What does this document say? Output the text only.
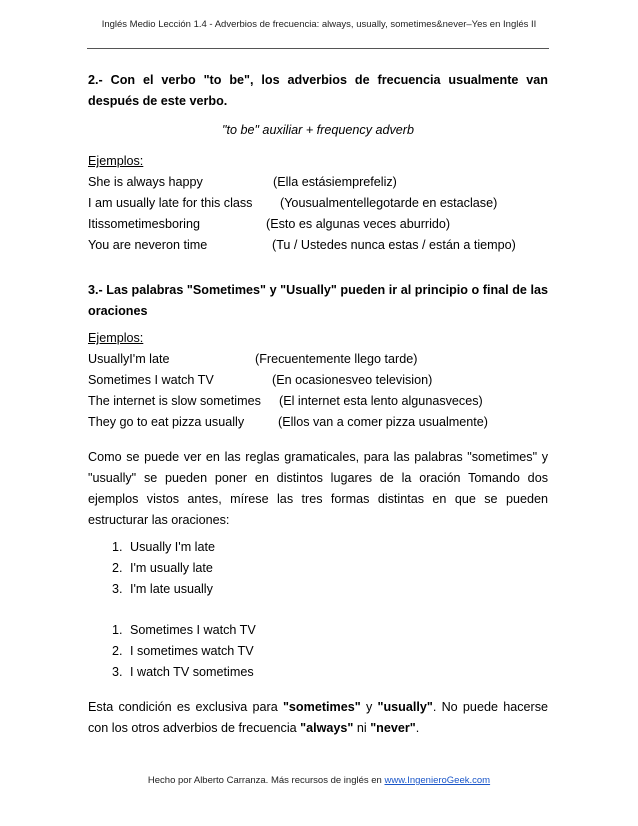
Inglés Medio Lección 1.4 - Adverbios de frecuencia: always, usually, sometimes&never–Yes en Inglés II
2.- Con el verbo "to be", los adverbios de frecuencia usualmente van después de este verbo.
"to be" auxiliar + frequency adverb
Ejemplos:
She is always happy	(Ella estásiemprefeliz)
I am usually late for this class	(Yousualmentellegotarde en estaclase)
Itissometimesboring	(Esto es algunas veces aburrido)
You are neveron time	(Tu / Ustedes nunca estas / están a tiempo)
3.- Las palabras "Sometimes" y "Usually" pueden ir al principio o final de las oraciones
Ejemplos:
UsuallyI'm late	(Frecuentemente llego tarde)
Sometimes I watch TV	(En ocasionesveo television)
The internet is slow sometimes	(El internet esta lento algunasveces)
They go to eat pizza usually	(Ellos van a comer pizza usualmente)
Como se puede ver en las reglas gramaticales, para las palabras "sometimes" y "usually" se pueden poner en distintos lugares de la oración Tomando dos ejemplos vistos antes, mírese las tres formas distintas en que se pueden estructurar las oraciones:
1. Usually I'm late
2. I'm usually late
3. I'm late usually
1. Sometimes I watch TV
2. I sometimes watch TV
3. I watch TV sometimes
Esta condición es exclusiva para "sometimes" y "usually". No puede hacerse con los otros adverbios de frecuencia "always" ni "never".
Hecho por Alberto Carranza. Más recursos de inglés en www.IngenieroGeek.com
